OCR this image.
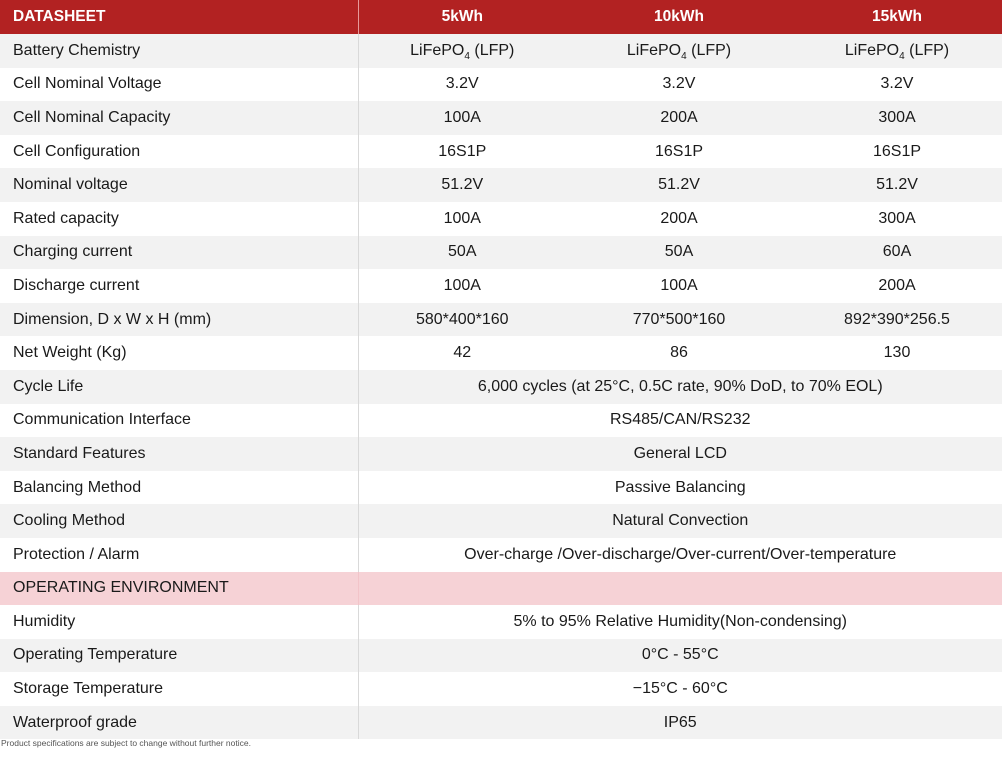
DATASHEET	5kWh	10kWh	15kWh
Battery Chemistry	LiFePO$_4$ (LFP)	LiFePO$_4$ (LFP)	LiFePO$_4$ (LFP)
Cell Nominal Voltage	3.2V	3.2V	3.2V
Cell Nominal Capacity	100A	200A	300A
Cell Configuration	16S1P	16S1P	16S1P
Nominal voltage	51.2V	51.2V	51.2V
Rated capacity	100A	200A	300A
Charging current	50A	50A	60A
Discharge current	100A	100A	200A
Dimension, D x W x H (mm)	580*400*160	770*500*160	892*390*256.5
Net Weight (Kg)	42	86	130
Cycle Life	6,000 cycles (at 25°C, 0.5C rate, 90% DoD, to 70% EOL)		
Communication Interface	RS485/CAN/RS232		
Standard Features	General LCD		
Balancing Method	Passive Balancing		
Cooling Method	Natural Convection		
Protection / Alarm	Over-charge /Over-discharge/Over-current/Over-temperature		
OPERATING ENVIRONMENT			
Humidity	5% to 95% Relative Humidity(Non-condensing)		
Operating Temperature	0°C - 55°C		
Storage Temperature	−15°C - 60°C		
Waterproof grade	IP65		
Product specifications are subject to change without further notice.
